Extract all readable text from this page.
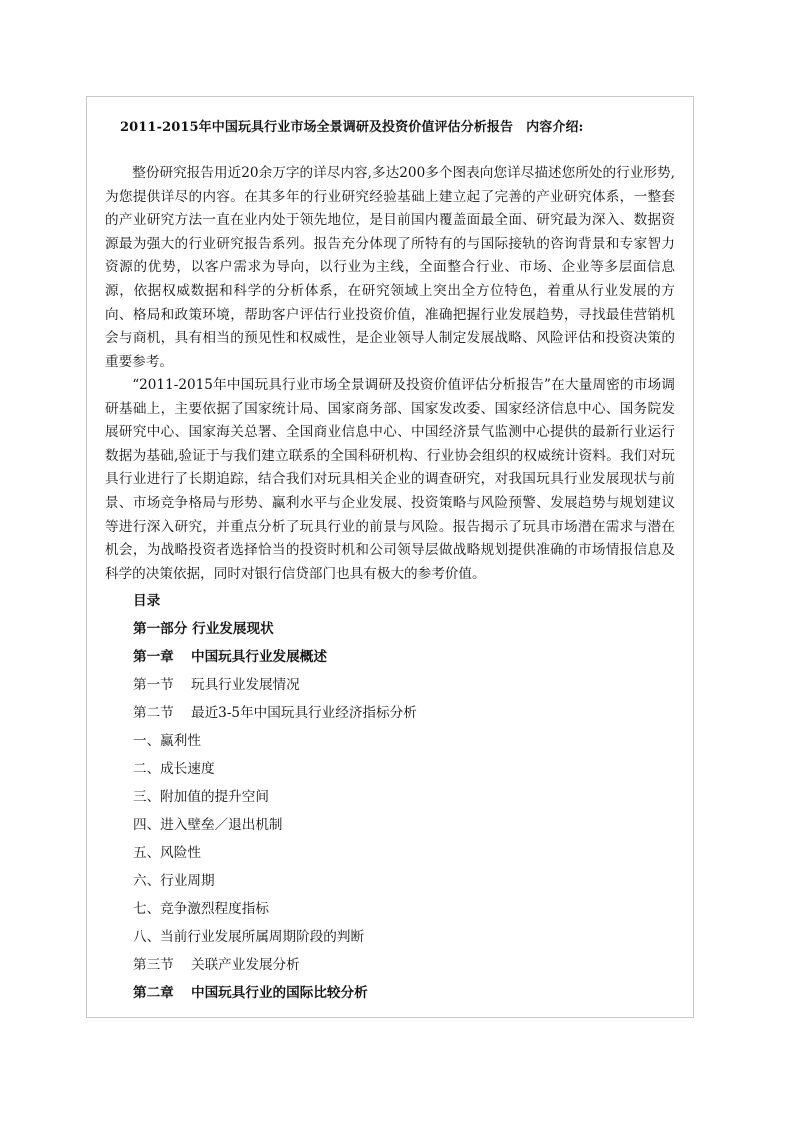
2011-2015年中国玩具行业市场全景调研及投资价值评估分析报告　内容介绍:

整份研究报告用近20余万字的详尽内容,多达200多个图表向您详尽描述您所处的行业形势,为您提供详尽的内容。在其多年的行业研究经验基础上建立起了完善的产业研究体系，一整套的产业研究方法一直在业内处于领先地位，是目前国内覆盖面最全面、研究最为深入、数据资源最为强大的行业研究报告系列。报告充分体现了所特有的与国际接轨的咨询背景和专家智力资源的优势，以客户需求为导向，以行业为主线，全面整合行业、市场、企业等多层面信息源，依据权威数据和科学的分析体系，在研究领域上突出全方位特色，着重从行业发展的方向、格局和政策环境，帮助客户评估行业投资价值，准确把握行业发展趋势，寻找最佳营销机会与商机，具有相当的预见性和权威性，是企业领导人制定发展战略、风险评估和投资决策的重要参考。

“2011-2015年中国玩具行业市场全景调研及投资价值评估分析报告”在大量周密的市场调研基础上，主要依据了国家统计局、国家商务部、国家发改委、国家经济信息中心、国务院发展研究中心、国家海关总署、全国商业信息中心、中国经济景气监测中心提供的最新行业运行数据为基础,验证于与我们建立联系的全国科研机构、行业协会组织的权威统计资料。我们对玩具行业进行了长期追踪，结合我们对玩具相关企业的调查研究，对我国玩具行业发展现状与前景、市场竞争格局与形势、赢利水平与企业发展、投资策略与风险预警、发展趋势与规划建议等进行深入研究，并重点分析了玩具行业的前景与风险。报告揭示了玩具市场潜在需求与潜在机会，为战略投资者选择恰当的投资时机和公司领导层做战略规划提供准确的市场情报信息及科学的决策依据，同时对银行信贷部门也具有极大的参考价值。

目录
第一部分 行业发展现状
第一章 中国玩具行业发展概述
第一节 玩具行业发展情况
第二节 最近3-5年中国玩具行业经济指标分析
一、赢利性
二、成长速度
三、附加值的提升空间
四、进入壁垒／退出机制
五、风险性
六、行业周期
七、竞争激烈程度指标
八、当前行业发展所属周期阶段的判断
第三节 关联产业发展分析
第二章 中国玩具行业的国际比较分析
